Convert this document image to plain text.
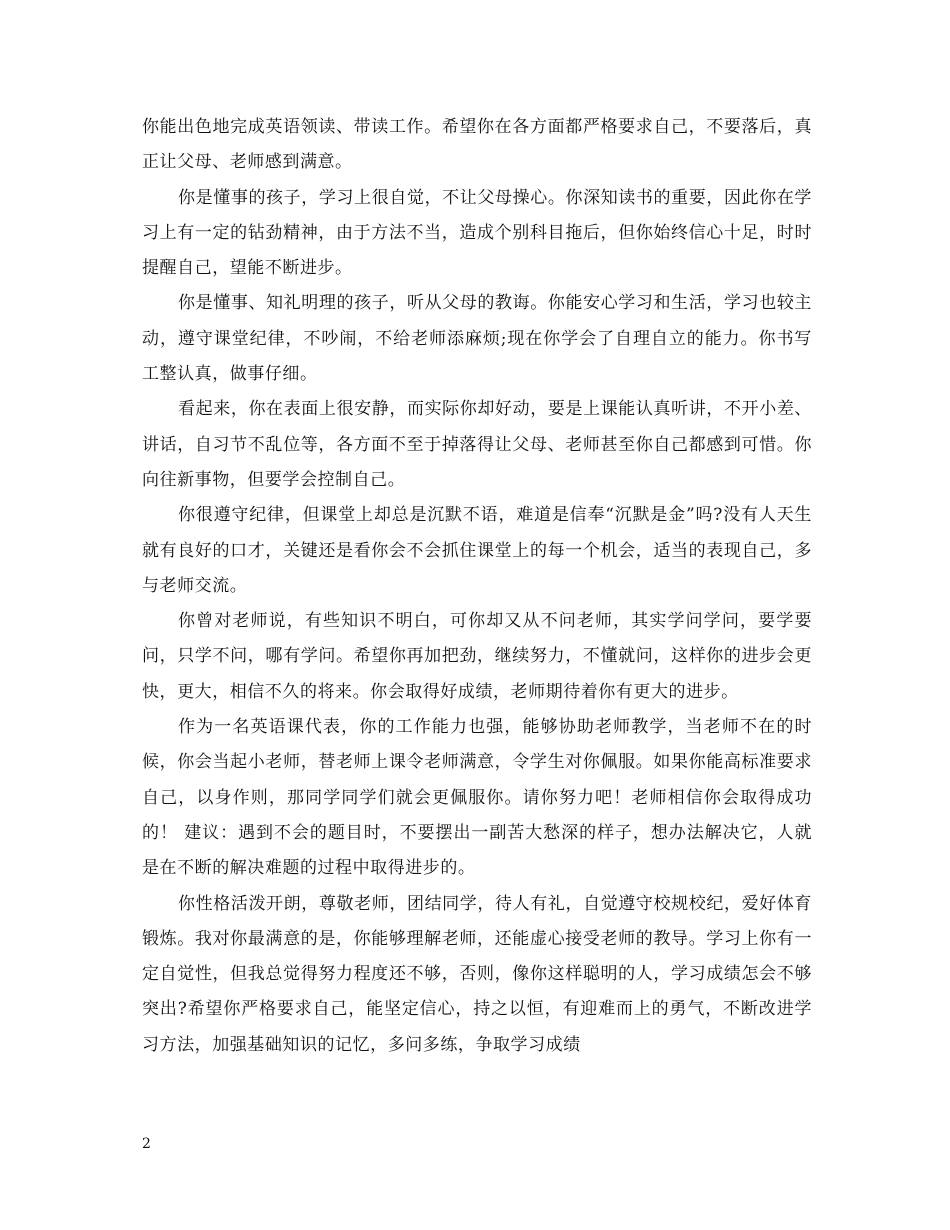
你能出色地完成英语领读、带读工作。希望你在各方面都严格要求自己，不要落后，真正让父母、老师感到满意。

你是懂事的孩子，学习上很自觉，不让父母操心。你深知读书的重要，因此你在学习上有一定的钻劲精神，由于方法不当，造成个别科目拖后，但你始终信心十足，时时提醒自己，望能不断进步。

你是懂事、知礼明理的孩子，听从父母的教诲。你能安心学习和生活，学习也较主动，遵守课堂纪律，不吵闹，不给老师添麻烦;现在你学会了自理自立的能力。你书写工整认真，做事仔细。

看起来，你在表面上很安静，而实际你却好动，要是上课能认真听讲，不开小差、讲话，自习节不乱位等，各方面不至于掉落得让父母、老师甚至你自己都感到可惜。你向往新事物，但要学会控制自己。

你很遵守纪律，但课堂上却总是沉默不语，难道是信奉“沉默是金”吗?没有人天生就有良好的口才，关键还是看你会不会抓住课堂上的每一个机会，适当的表现自己，多与老师交流。

你曾对老师说，有些知识不明白，可你却又从不问老师，其实学问学问，要学要问，只学不问，哪有学问。希望你再加把劲，继续努力，不懂就问，这样你的进步会更快，更大，相信不久的将来。你会取得好成绩，老师期待着你有更大的进步。

作为一名英语课代表，你的工作能力也强，能够协助老师教学，当老师不在的时候，你会当起小老师，替老师上课令老师满意，令学生对你佩服。如果你能高标准要求自己，以身作则，那同学同学们就会更佩服你。请你努力吧！老师相信你会取得成功的！ 建议：遇到不会的题目时，不要摆出一副苦大愁深的样子，想办法解决它，人就是在不断的解决难题的过程中取得进步的。

你性格活泼开朗，尊敬老师，团结同学，待人有礼，自觉遵守校规校纪，爱好体育锻炼。我对你最满意的是，你能够理解老师，还能虚心接受老师的教导。学习上你有一定自觉性，但我总觉得努力程度还不够，否则，像你这样聪明的人，学习成绩怎会不够突出?希望你严格要求自己，能坚定信心，持之以恒，有迎难而上的勇气，不断改进学习方法，加强基础知识的记忆，多问多练，争取学习成绩

2
